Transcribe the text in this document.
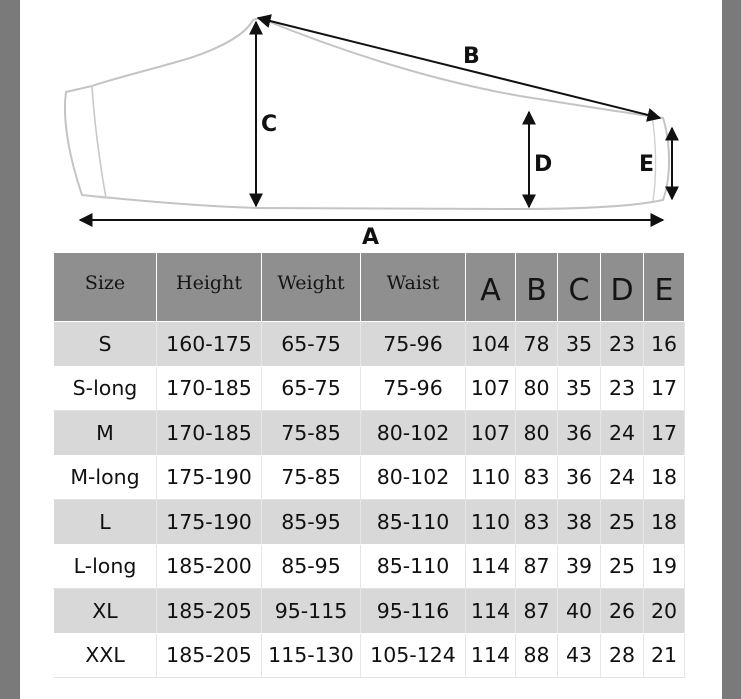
A
B
C
D	E
Size	Height	Weight	Waist	A	B	C	D	E
S	160-175	65-75	75-96	104	78	35	23	16
S-long	170-185	65-75	75-96	107	80	35	23	17
M	170-185	75-85	80-102	107	80	36	24	17
M-long	175-190	75-85	80-102	110	83	36	24	18
L	175-190	85-95	85-110	110	83	38	25	18
L-long	185-200	85-95	85-110	114	87	39	25	19
XL	185-205	95-115	95-116	114	87	40	26	20
XXL	185-205	115-130	105-124	114	88	43	28	21
